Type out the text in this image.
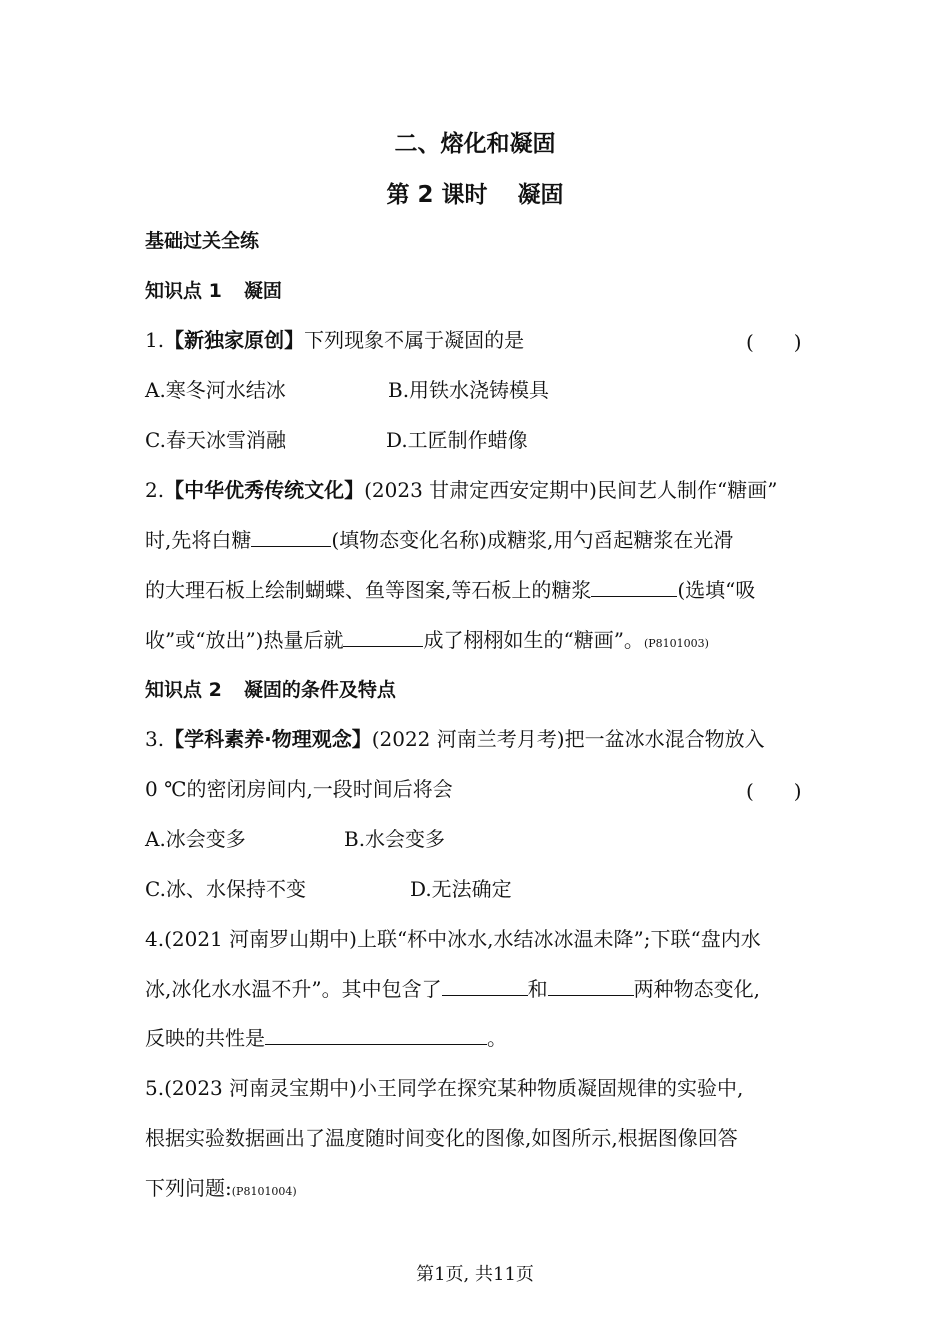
二、熔化和凝固
第 2 课时 凝固
基础过关全练
知识点 1 凝固
1.【新独家原创】下列现象不属于凝固的是	(　　)
A.寒冬河水结冰	B.用铁水浇铸模具
C.春天冰雪消融	D.工匠制作蜡像
2.【中华优秀传统文化】(2023 甘肃定西安定期中)民间艺人制作“糖画”
时,先将白糖	(填物态变化名称)成糖浆,用勺舀起糖浆在光滑
的大理石板上绘制蝴蝶、鱼等图案,等石板上的糖浆	(选填“吸
收”或“放出”)热量后就	成了栩栩如生的“糖画”。(P8101003)
知识点 2 凝固的条件及特点
3.【学科素养·物理观念】(2022 河南兰考月考)把一盆冰水混合物放入
0 ℃的密闭房间内,一段时间后将会	(　　)
A.冰会变多	B.水会变多
C.冰、水保持不变	D.无法确定
4.(2021 河南罗山期中)上联“杯中冰水,水结冰冰温未降”;下联“盘内水
冰,冰化水水温不升”。其中包含了	和	两种物态变化,
反映的共性是	。
5.(2023 河南灵宝期中)小王同学在探究某种物质凝固规律的实验中,
根据实验数据画出了温度随时间变化的图像,如图所示,根据图像回答
下列问题:(P8101004)
第1页, 共11页
